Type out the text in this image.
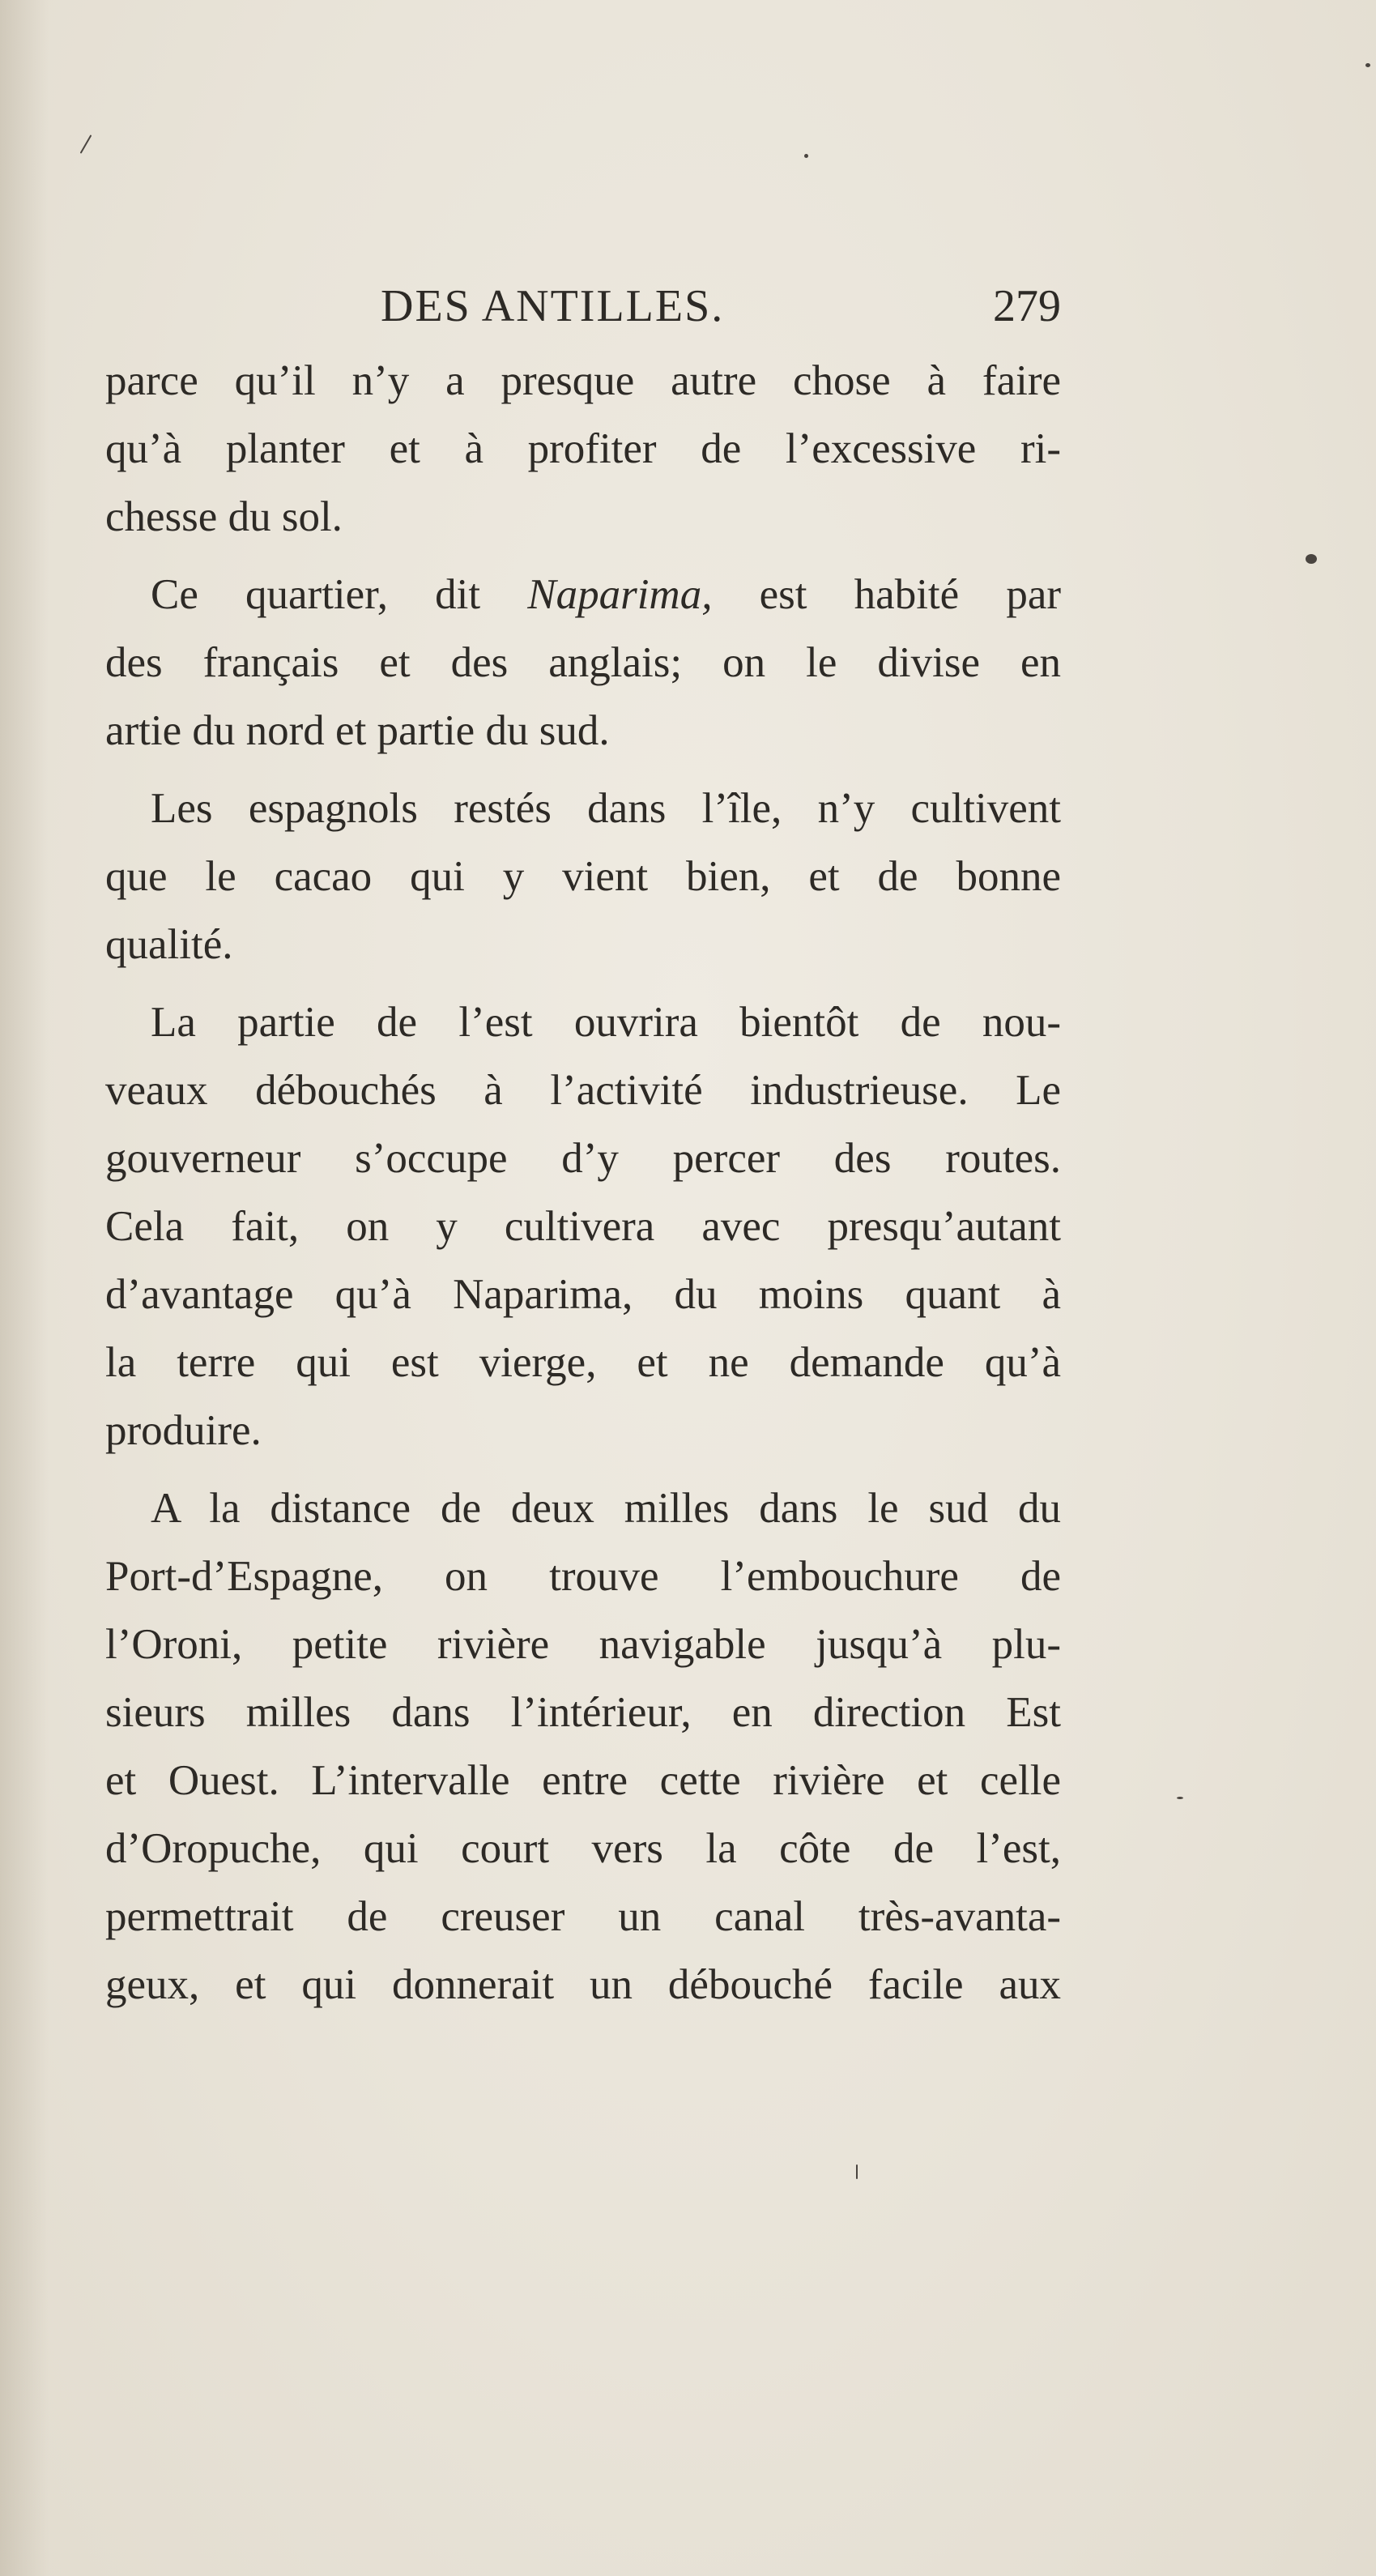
DES ANTILLES.	279
parce qu’il n’y a presque autre chose à faire
qu’à planter et à profiter de l’excessive ri-
chesse du sol.
Ce quartier, dit Naparima, est habité par
des français et des anglais; on le divise en
artie du nord et partie du sud.
Les espagnols restés dans l’île, n’y cultivent
que le cacao qui y vient bien, et de bonne
qualité.
La partie de l’est ouvrira bientôt de nou-
veaux débouchés à l’activité industrieuse. Le
gouverneur s’occupe d’y percer des routes.
Cela fait, on y cultivera avec presqu’autant
d’avantage qu’à Naparima, du moins quant à
la terre qui est vierge, et ne demande qu’à
produire.
A la distance de deux milles dans le sud du
Port-d’Espagne, on trouve l’embouchure de
l’Oroni, petite rivière navigable jusqu’à plu-
sieurs milles dans l’intérieur, en direction Est
et Ouest. L’intervalle entre cette rivière et celle
d’Oropuche, qui court vers la côte de l’est,
permettrait de creuser un canal très-avanta-
geux, et qui donnerait un débouché facile aux
